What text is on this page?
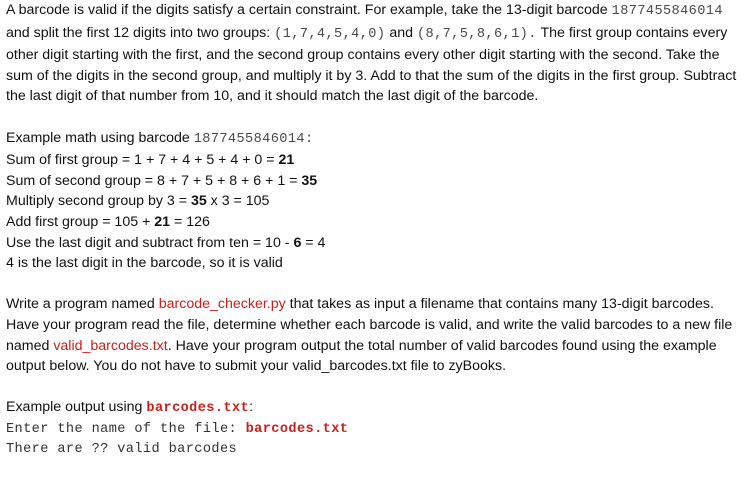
A barcode is valid if the digits satisfy a certain constraint. For example, take the 13-digit barcode 1877455846014 and split the first 12 digits into two groups: (1,7,4,5,4,0) and (8,7,5,8,6,1). The first group contains every other digit starting with the first, and the second group contains every other digit starting with the second. Take the sum of the digits in the second group, and multiply it by 3. Add to that the sum of the digits in the first group. Subtract the last digit of that number from 10, and it should match the last digit of the barcode.

Example math using barcode 1877455846014:
Sum of first group = 1 + 7 + 4 + 5 + 4 + 0 = 21
Sum of second group = 8 + 7 + 5 + 8 + 6 + 1 = 35
Multiply second group by 3 = 35 x 3 = 105
Add first group = 105 + 21 = 126
Use the last digit and subtract from ten = 10 - 6 = 4
4 is the last digit in the barcode, so it is valid

Write a program named barcode_checker.py that takes as input a filename that contains many 13-digit barcodes. Have your program read the file, determine whether each barcode is valid, and write the valid barcodes to a new file named valid_barcodes.txt. Have your program output the total number of valid barcodes found using the example output below. You do not have to submit your valid_barcodes.txt file to zyBooks.

Example output using barcodes.txt:
Enter the name of the file: barcodes.txt
There are ?? valid barcodes
